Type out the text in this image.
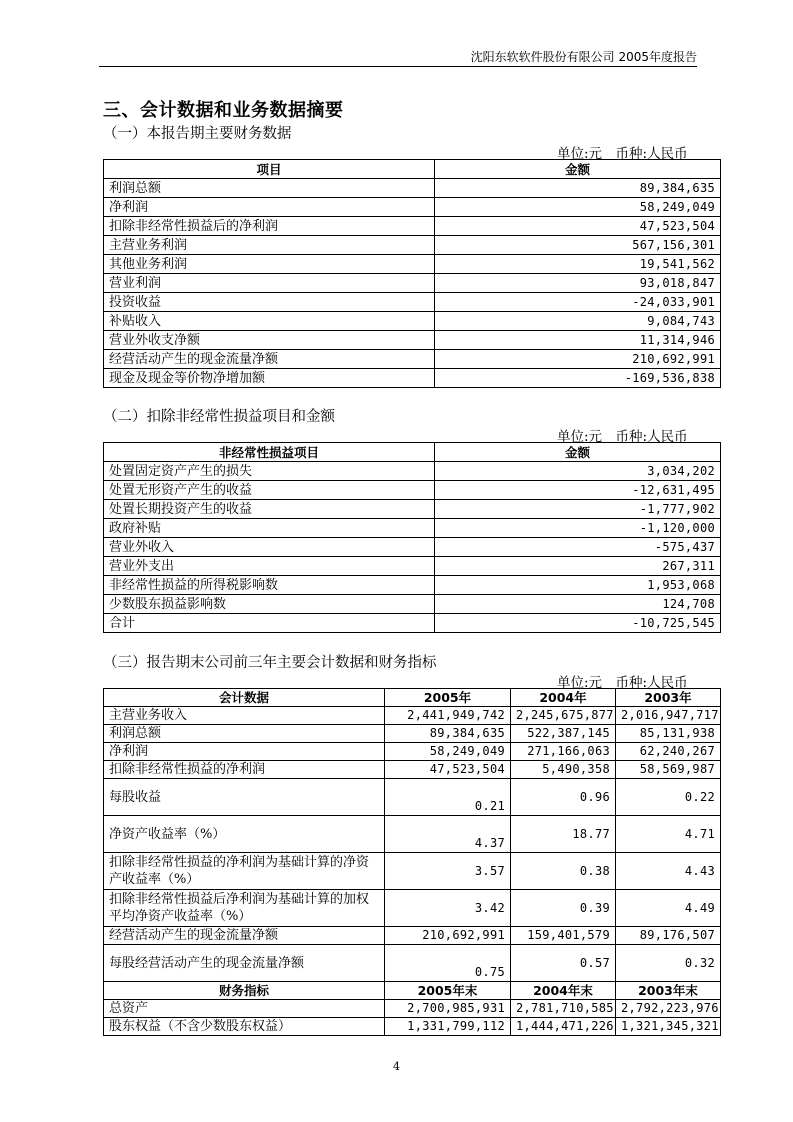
沈阳东软软件股份有限公司 2005年度报告
三、会计数据和业务数据摘要
（一）本报告期主要财务数据
单位:元　币种:人民币
项目	金额
利润总额	89,384,635
净利润	58,249,049
扣除非经常性损益后的净利润	47,523,504
主营业务利润	567,156,301
其他业务利润	19,541,562
营业利润	93,018,847
投资收益	-24,033,901
补贴收入	9,084,743
营业外收支净额	11,314,946
经营活动产生的现金流量净额	210,692,991
现金及现金等价物净增加额	-169,536,838
（二）扣除非经常性损益项目和金额
单位:元　币种:人民币
非经常性损益项目	金额
处置固定资产产生的损失	3,034,202
处置无形资产产生的收益	-12,631,495
处置长期投资产生的收益	-1,777,902
政府补贴	-1,120,000
营业外收入	-575,437
营业外支出	267,311
非经常性损益的所得税影响数	1,953,068
少数股东损益影响数	124,708
合计	-10,725,545
（三）报告期末公司前三年主要会计数据和财务指标
单位:元　币种:人民币
会计数据	2005年	2004年	2003年
主营业务收入	2,441,949,742	2,245,675,877	2,016,947,717
利润总额	89,384,635	522,387,145	85,131,938
净利润	58,249,049	271,166,063	62,240,267
扣除非经常性损益的净利润	47,523,504	5,490,358	58,569,987
每股收益	0.21	0.96	0.22
净资产收益率（%）	4.37	18.77	4.71
扣除非经常性损益的净利润为基础计算的净资产收益率（%）	3.57	0.38	4.43
扣除非经常性损益后净利润为基础计算的加权平均净资产收益率（%）	3.42	0.39	4.49
经营活动产生的现金流量净额	210,692,991	159,401,579	89,176,507
每股经营活动产生的现金流量净额	0.75	0.57	0.32
财务指标	2005年末	2004年末	2003年末
总资产	2,700,985,931	2,781,710,585	2,792,223,976
股东权益（不含少数股东权益）	1,331,799,112	1,444,471,226	1,321,345,321
4
